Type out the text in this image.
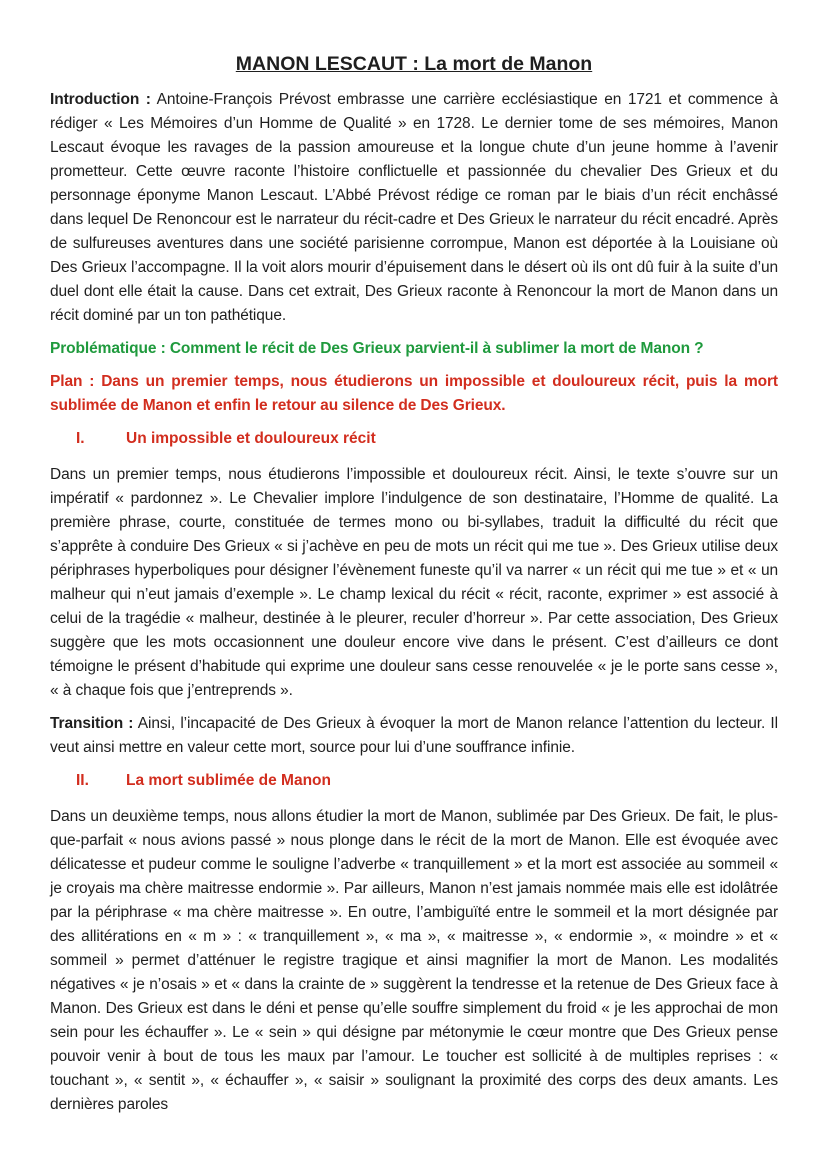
MANON LESCAUT : La mort de Manon

Introduction : Antoine-François Prévost embrasse une carrière ecclésiastique en 1721 et commence à rédiger « Les Mémoires d’un Homme de Qualité » en 1728. Le dernier tome de ses mémoires, Manon Lescaut évoque les ravages de la passion amoureuse et la longue chute d’un jeune homme à l’avenir prometteur. Cette œuvre raconte l’histoire conflictuelle et passionnée du chevalier Des Grieux et du personnage éponyme Manon Lescaut. L’Abbé Prévost rédige ce roman par le biais d’un récit enchâssé dans lequel De Renoncour est le narrateur du récit-cadre et Des Grieux le narrateur du récit encadré. Après de sulfureuses aventures dans une société parisienne corrompue, Manon est déportée à la Louisiane où Des Grieux l’accompagne. Il la voit alors mourir d’épuisement dans le désert où ils ont dû fuir à la suite d’un duel dont elle était la cause. Dans cet extrait, Des Grieux raconte à Renoncour la mort de Manon dans un récit dominé par un ton pathétique.

Problématique : Comment le récit de Des Grieux parvient-il à sublimer la mort de Manon ?

Plan : Dans un premier temps, nous étudierons un impossible et douloureux récit, puis la mort sublimée de Manon et enfin le retour au silence de Des Grieux.

I.	Un impossible et douloureux récit

Dans un premier temps, nous étudierons l’impossible et douloureux récit. Ainsi, le texte s’ouvre sur un impératif « pardonnez ». Le Chevalier implore l’indulgence de son destinataire, l’Homme de qualité. La première phrase, courte, constituée de termes mono ou bi-syllabes, traduit la difficulté du récit que s’apprête à conduire Des Grieux « si j’achève en peu de mots un récit qui me tue ». Des Grieux utilise deux périphrases hyperboliques pour désigner l’évènement funeste qu’il va narrer « un récit qui me tue » et « un malheur qui n’eut jamais d’exemple ». Le champ lexical du récit « récit, raconte, exprimer » est associé à celui de la tragédie « malheur, destinée à le pleurer, reculer d’horreur ». Par cette association, Des Grieux suggère que les mots occasionnent une douleur encore vive dans le présent. C’est d’ailleurs ce dont témoigne le présent d’habitude qui exprime une douleur sans cesse renouvelée « je le porte sans cesse », « à chaque fois que j’entreprends ».

Transition : Ainsi, l’incapacité de Des Grieux à évoquer la mort de Manon relance l’attention du lecteur. Il veut ainsi mettre en valeur cette mort, source pour lui d’une souffrance infinie.

II.	La mort sublimée de Manon

Dans un deuxième temps, nous allons étudier la mort de Manon, sublimée par Des Grieux. De fait, le plus-que-parfait « nous avions passé » nous plonge dans le récit de la mort de Manon. Elle est évoquée avec délicatesse et pudeur comme le souligne l’adverbe « tranquillement » et la mort est associée au sommeil « je croyais ma chère maitresse endormie ». Par ailleurs, Manon n’est jamais nommée mais elle est idolâtrée par la périphrase « ma chère maitresse ». En outre, l’ambiguïté entre le sommeil et la mort désignée par des allitérations en « m » : « tranquillement », « ma », « maitresse », « endormie », « moindre » et « sommeil » permet d’atténuer le registre tragique et ainsi magnifier la mort de Manon. Les modalités négatives « je n’osais » et « dans la crainte de » suggèrent la tendresse et la retenue de Des Grieux face à Manon. Des Grieux est dans le déni et pense qu’elle souffre simplement du froid « je les approchai de mon sein pour les échauffer ». Le « sein » qui désigne par métonymie le cœur montre que Des Grieux pense pouvoir venir à bout de tous les maux par l’amour. Le toucher est sollicité à de multiples reprises : « touchant », « sentit », « échauffer », « saisir » soulignant la proximité des corps des deux amants. Les dernières paroles
